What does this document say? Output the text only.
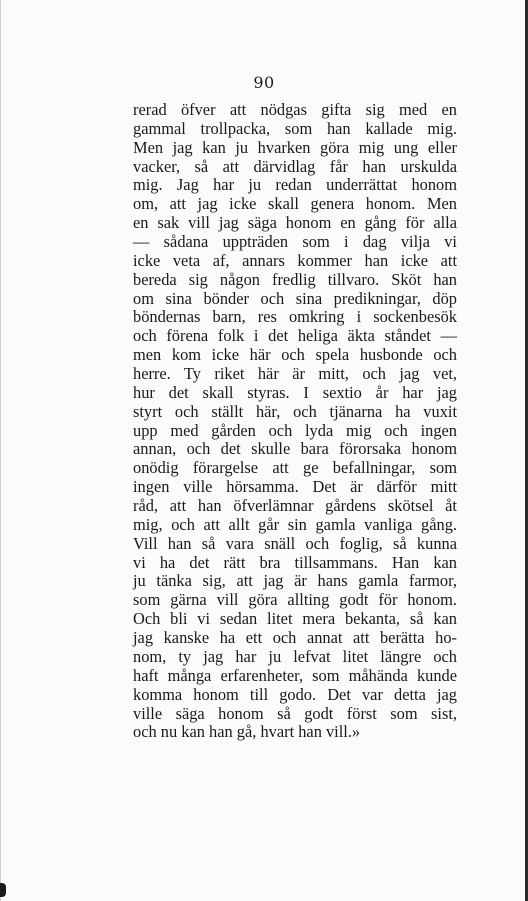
90
rerad öfver att nödgas gifta sig med en
gammal trollpacka, som han kallade mig.
Men jag kan ju hvarken göra mig ung eller
vacker, så att därvidlag får han urskulda
mig. Jag har ju redan underrättat honom
om, att jag icke skall genera honom. Men
en sak vill jag säga honom en gång för alla
— sådana uppträden som i dag vilja vi
icke veta af, annars kommer han icke att
bereda sig någon fredlig tillvaro. Sköt han
om sina bönder och sina predikningar, döp
böndernas barn, res omkring i sockenbesök
och förena folk i det heliga äkta ståndet —
men kom icke här och spela husbonde och
herre. Ty riket här är mitt, och jag vet,
hur det skall styras. I sextio år har jag
styrt och ställt här, och tjänarna ha vuxit
upp med gården och lyda mig och ingen
annan, och det skulle bara förorsaka honom
onödig förargelse att ge befallningar, som
ingen ville hörsamma. Det är därför mitt
råd, att han öfverlämnar gårdens skötsel åt
mig, och att allt går sin gamla vanliga gång.
Vill han så vara snäll och foglig, så kunna
vi ha det rätt bra tillsammans. Han kan
ju tänka sig, att jag är hans gamla farmor,
som gärna vill göra allting godt för honom.
Och bli vi sedan litet mera bekanta, så kan
jag kanske ha ett och annat att berätta ho-
nom, ty jag har ju lefvat litet längre och
haft många erfarenheter, som måhända kunde
komma honom till godo. Det var detta jag
ville säga honom så godt först som sist,
och nu kan han gå, hvart han vill.»
